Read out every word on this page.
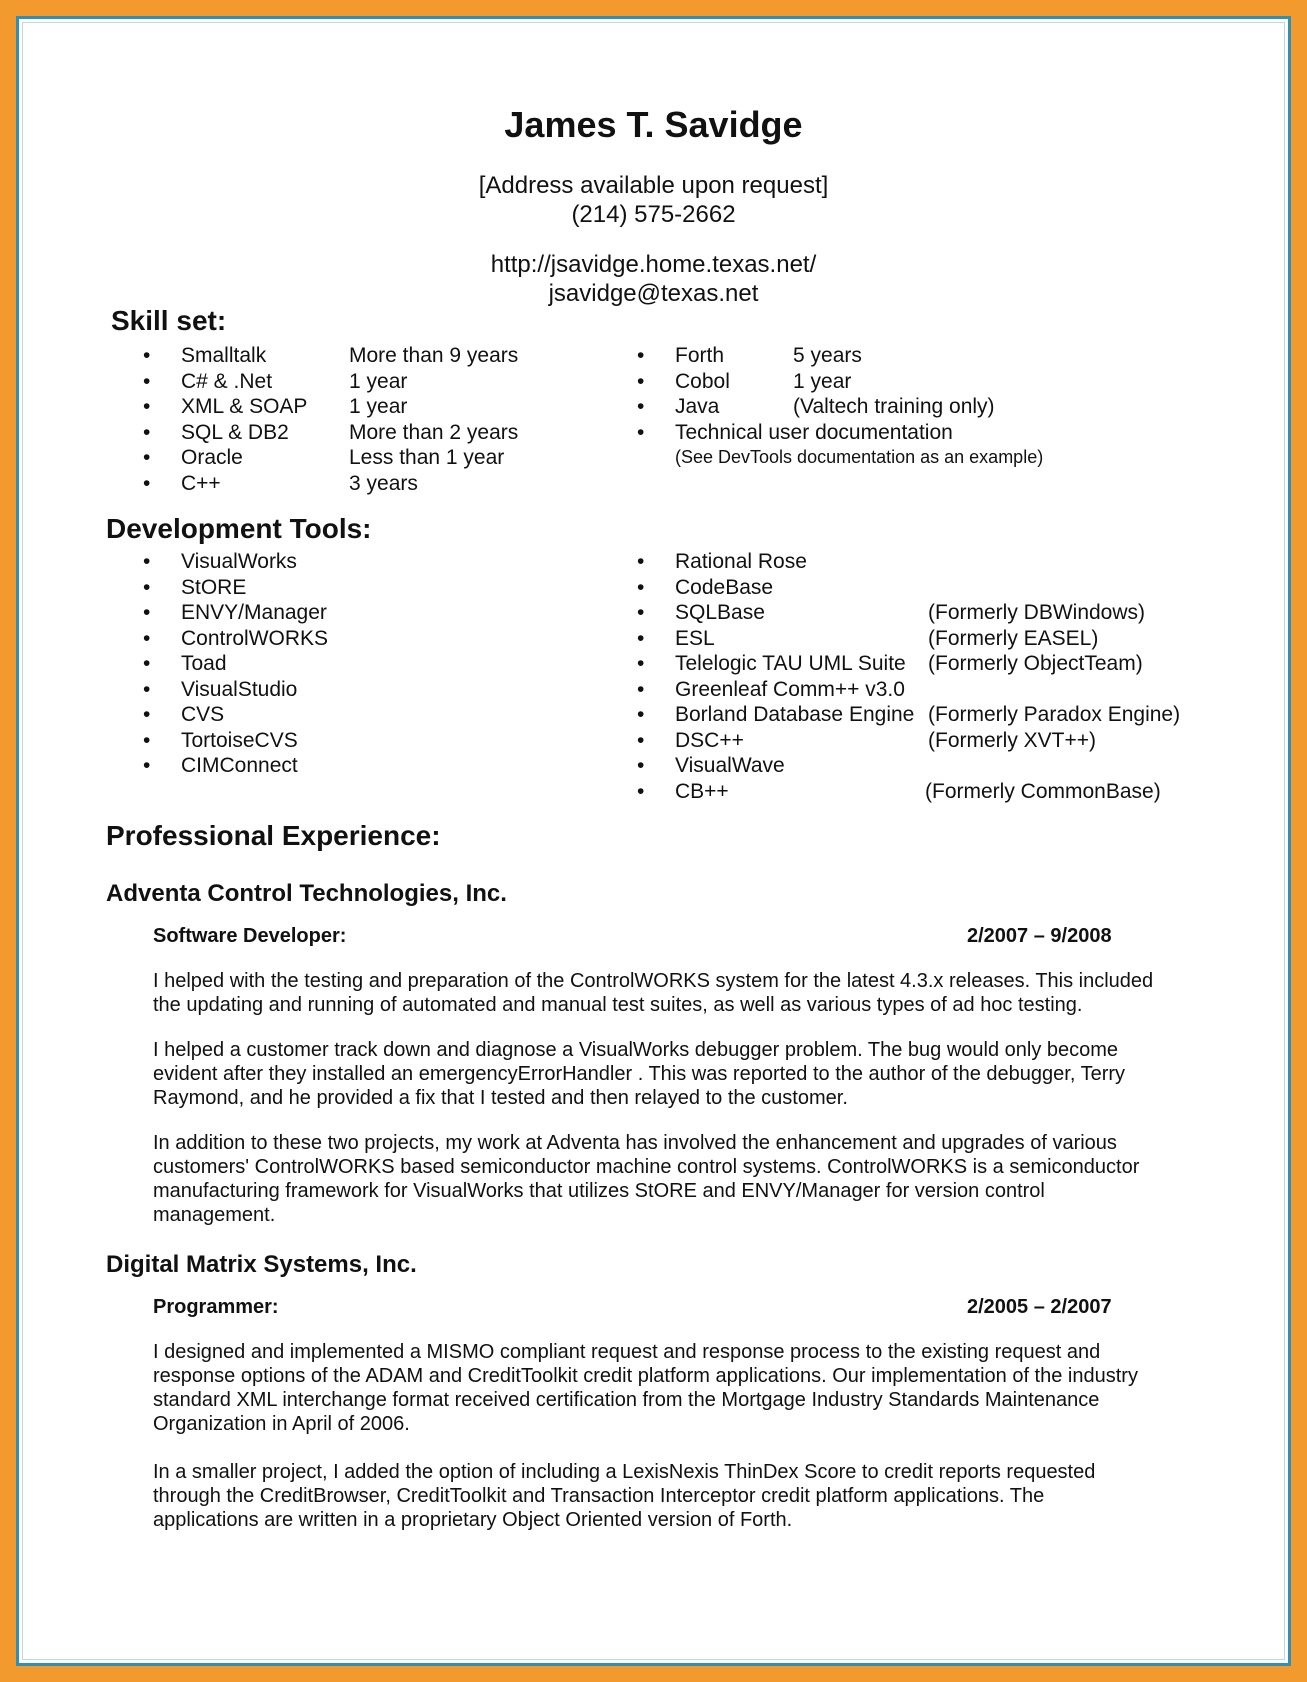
James T. Savidge
[Address available upon request]
(214) 575-2662
http://jsavidge.home.texas.net/
jsavidge@texas.net
Skill set:
• Smalltalk	More than 9 years
• C# & .Net	1 year
• XML & SOAP 1 year
• SQL & DB2	More than 2 years
• Oracle	Less than 1 year
• C++	3 years
• Forth	5 years
• Cobol	1 year
• Java	(Valtech training only)
• Technical user documentation
(See DevTools documentation as an example)
Development Tools:
• VisualWorks
• StORE
• ENVY/Manager
• ControlWORKS
• Toad
• VisualStudio
• CVS
• TortoiseCVS
• CIMConnect
• Rational Rose
• CodeBase
• SQLBase	(Formerly DBWindows)
• ESL	(Formerly EASEL)
• Telelogic TAU UML Suite (Formerly ObjectTeam)
• Greenleaf Comm++ v3.0
• Borland Database Engine (Formerly Paradox Engine)
• DSC++	(Formerly XVT++)
• VisualWave
• CB++	(Formerly CommonBase)
Professional Experience:
Adventa Control Technologies, Inc.
Software Developer:	2/2007 – 9/2008
I helped with the testing and preparation of the ControlWORKS system for the latest 4.3.x releases. This included
the updating and running of automated and manual test suites, as well as various types of ad hoc testing.
I helped a customer track down and diagnose a VisualWorks debugger problem. The bug would only become
evident after they installed an emergencyErrorHandler . This was reported to the author of the debugger, Terry
Raymond, and he provided a fix that I tested and then relayed to the customer.
In addition to these two projects, my work at Adventa has involved the enhancement and upgrades of various
customers' ControlWORKS based semiconductor machine control systems. ControlWORKS is a semiconductor
manufacturing framework for VisualWorks that utilizes StORE and ENVY/Manager for version control
management.
Digital Matrix Systems, Inc.
Programmer:	2/2005 – 2/2007
I designed and implemented a MISMO compliant request and response process to the existing request and
response options of the ADAM and CreditToolkit credit platform applications. Our implementation of the industry
standard XML interchange format received certification from the Mortgage Industry Standards Maintenance
Organization in April of 2006.
In a smaller project, I added the option of including a LexisNexis ThinDex Score to credit reports requested
through the CreditBrowser, CreditToolkit and Transaction Interceptor credit platform applications. The
applications are written in a proprietary Object Oriented version of Forth.
